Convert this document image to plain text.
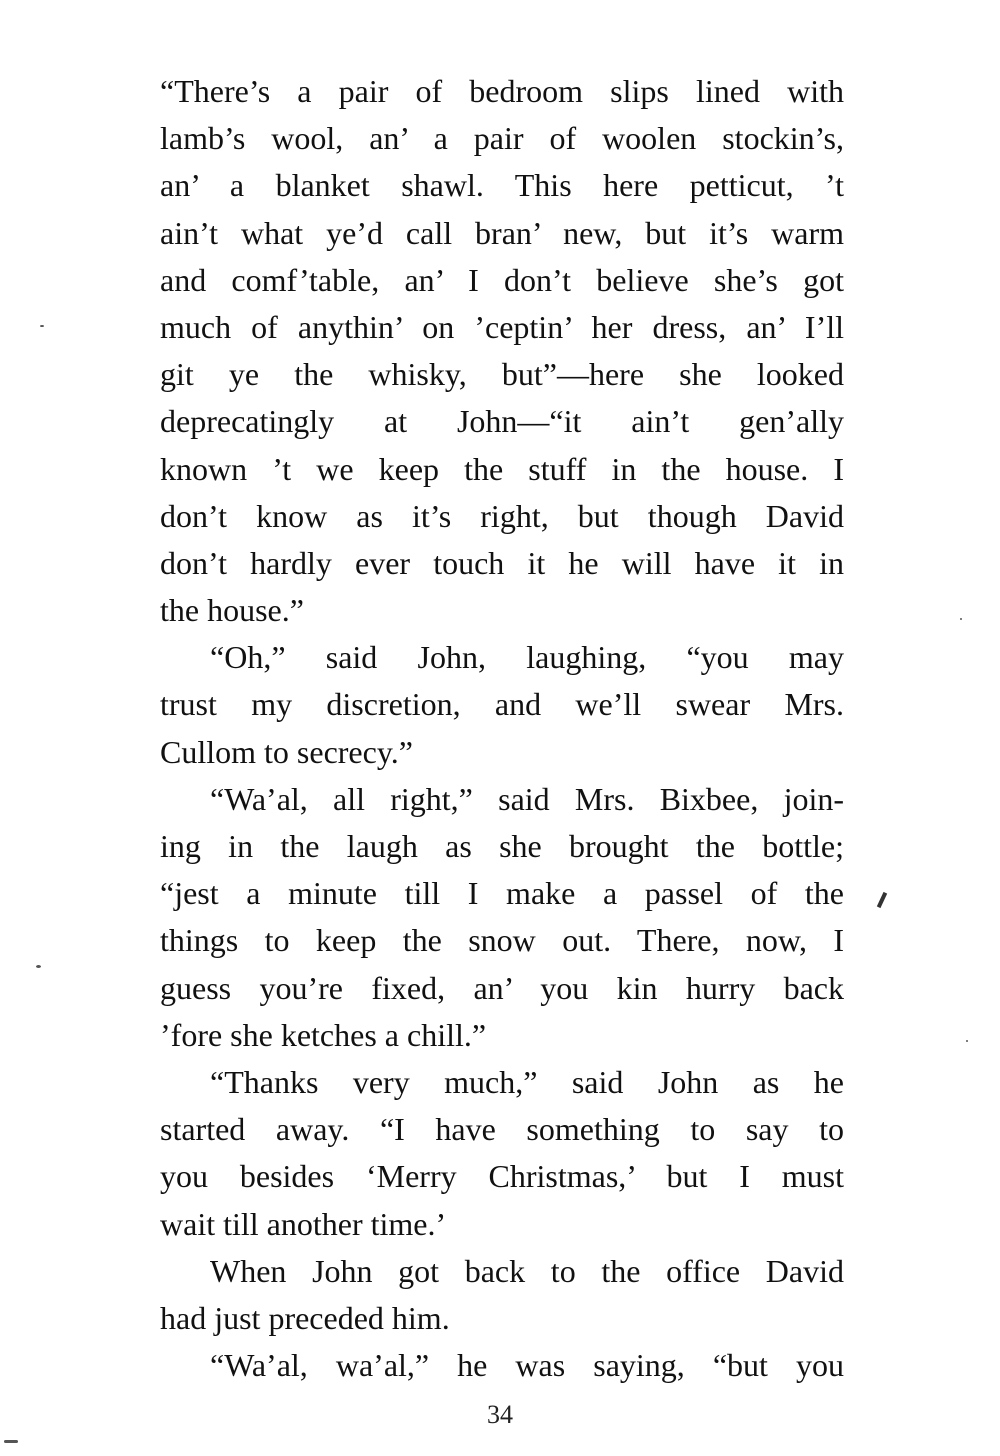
“There’s a pair of bedroom slips lined with
lamb’s wool, an’ a pair of woolen stockin’s,
an’ a blanket shawl. This here petticut, ’t
ain’t what ye’d call bran’ new, but it’s warm
and comf’table, an’ I don’t believe she’s got
much of anythin’ on ’ceptin’ her dress, an’ I’ll
git ye the whisky, but”—here she looked
deprecatingly at John—“it ain’t gen’ally
known ’t we keep the stuff in the house. I
don’t know as it’s right, but though David
don’t hardly ever touch it he will have it in
the house.”
“Oh,” said John, laughing, “you may
trust my discretion, and we’ll swear Mrs.
Cullom to secrecy.”
“Wa’al, all right,” said Mrs. Bixbee, join-
ing in the laugh as she brought the bottle;
“jest a minute till I make a passel of the
things to keep the snow out. There, now, I
guess you’re fixed, an’ you kin hurry back
’fore she ketches a chill.”
“Thanks very much,” said John as he
started away. “I have something to say to
you besides ‘Merry Christmas,’ but I must
wait till another time.’
When John got back to the office David
had just preceded him.
“Wa’al, wa’al,” he was saying, “but you
34
